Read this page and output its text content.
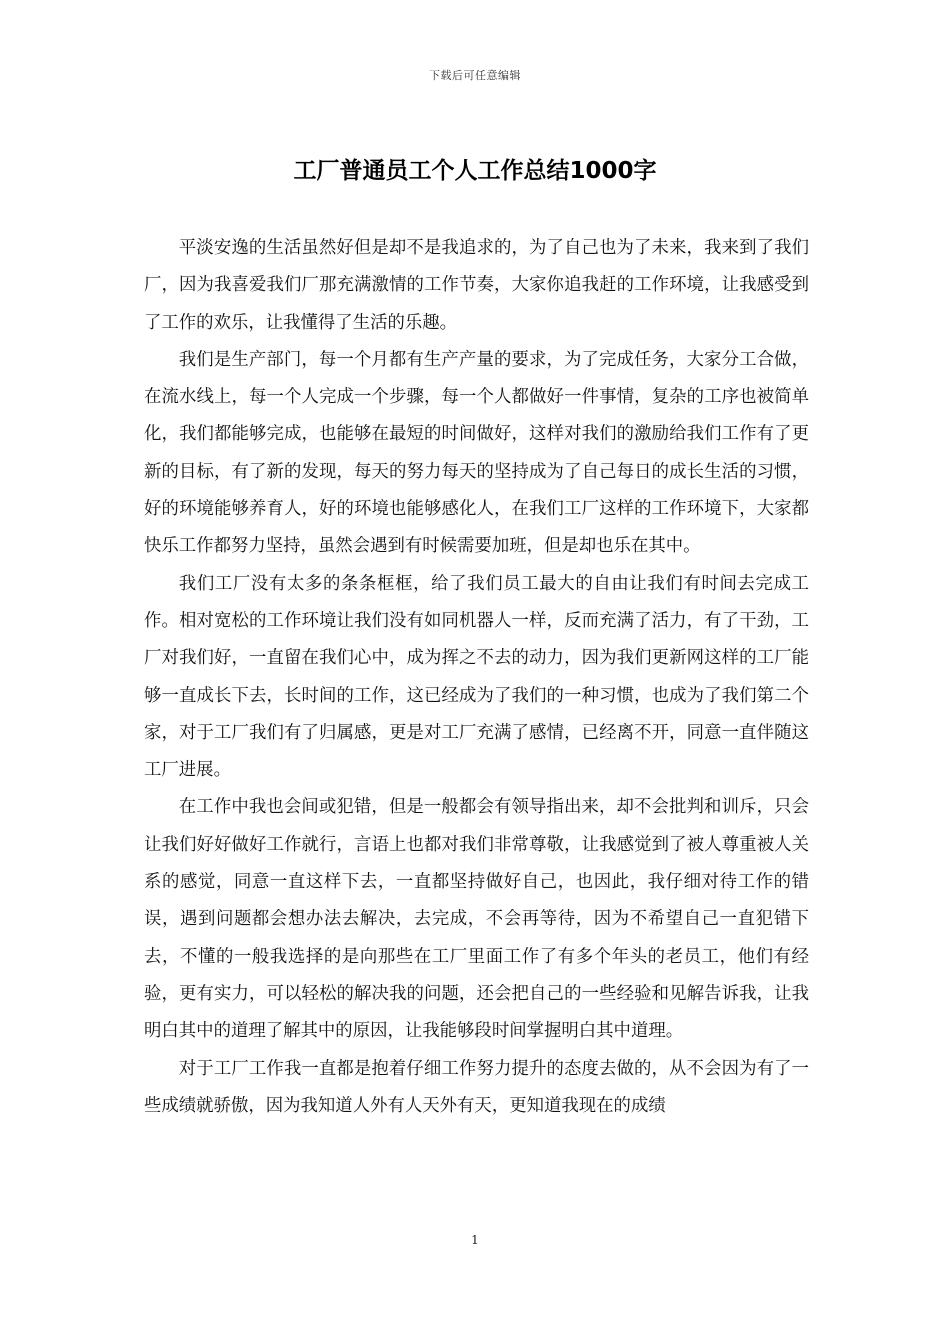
下载后可任意编辑
工厂普通员工个人工作总结1000字

平淡安逸的生活虽然好但是却不是我追求的，为了自己也为了未来，我来到了我们厂，因为我喜爱我们厂那充满激情的工作节奏，大家你追我赶的工作环境，让我感受到了工作的欢乐，让我懂得了生活的乐趣。

我们是生产部门，每一个月都有生产产量的要求，为了完成任务，大家分工合做，在流水线上，每一个人完成一个步骤，每一个人都做好一件事情，复杂的工序也被简单化，我们都能够完成，也能够在最短的时间做好，这样对我们的激励给我们工作有了更新的目标，有了新的发现，每天的努力每天的坚持成为了自己每日的成长生活的习惯，好的环境能够养育人，好的环境也能够感化人，在我们工厂这样的工作环境下，大家都快乐工作都努力坚持，虽然会遇到有时候需要加班，但是却也乐在其中。

我们工厂没有太多的条条框框，给了我们员工最大的自由让我们有时间去完成工作。相对宽松的工作环境让我们没有如同机器人一样，反而充满了活力，有了干劲，工厂对我们好，一直留在我们心中，成为挥之不去的动力，因为我们更新网这样的工厂能够一直成长下去，长时间的工作，这已经成为了我们的一种习惯，也成为了我们第二个家，对于工厂我们有了归属感，更是对工厂充满了感情，已经离不开，同意一直伴随这工厂进展。

在工作中我也会间或犯错，但是一般都会有领导指出来，却不会批判和训斥，只会让我们好好做好工作就行，言语上也都对我们非常尊敬，让我感觉到了被人尊重被人关系的感觉，同意一直这样下去，一直都坚持做好自己，也因此，我仔细对待工作的错误，遇到问题都会想办法去解决，去完成，不会再等待，因为不希望自己一直犯错下去，不懂的一般我选择的是向那些在工厂里面工作了有多个年头的老员工，他们有经验，更有实力，可以轻松的解决我的问题，还会把自己的一些经验和见解告诉我，让我明白其中的道理了解其中的原因，让我能够段时间掌握明白其中道理。

对于工厂工作我一直都是抱着仔细工作努力提升的态度去做的，从不会因为有了一些成绩就骄傲，因为我知道人外有人天外有天，更知道我现在的成绩

1
